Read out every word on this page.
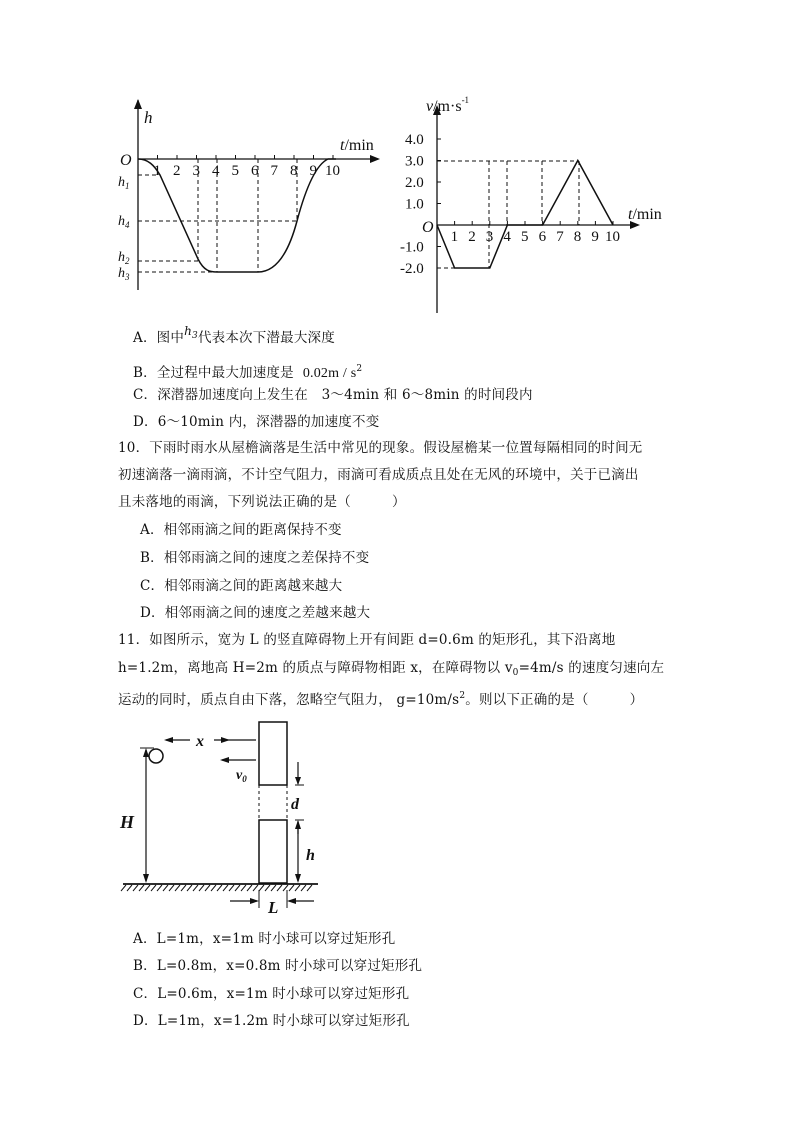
h
t/min
O
1 2 3 4 5 6 7 8 9 10
$h_1$
$h_4$
$h_2$
$h_3$
$v/m\cdot s^{-1}$
t/min
O
4.0
3.0
2.0
1.0
-1.0
-2.0
1 2 3 4 5 6 7 8 9 10
A．图中$h_3$代表本次下潜最大深度
B．全过程中最大加速度是 $0.02m / s^2$
C．深潜器加速度向上发生在　3～4min 和 6～8min 的时间段内
D．6～10min 内，深潜器的加速度不变
10．下雨时雨水从屋檐滴落是生活中常见的现象。假设屋檐某一位置每隔相同的时间无
初速滴落一滴雨滴，不计空气阻力，雨滴可看成质点且处在无风的环境中，关于已滴出
且未落地的雨滴，下列说法正确的是（　　　）
A．相邻雨滴之间的距离保持不变
B．相邻雨滴之间的速度之差保持不变
C．相邻雨滴之间的距离越来越大
D．相邻雨滴之间的速度之差越来越大
11．如图所示，宽为 L 的竖直障碍物上开有间距 d=0.6m 的矩形孔，其下沿离地
h=1.2m，离地高 H=2m 的质点与障碍物相距 x，在障碍物以 $v_0=4m/s$ 的速度匀速向左
运动的同时，质点自由下落，忽略空气阻力， $g=10m/s^2$。则以下正确的是（　　　）
H
x
$v_0$
d
h
L
A．L=1m，x=1m 时小球可以穿过矩形孔
B．L=0.8m，x=0.8m 时小球可以穿过矩形孔
C．L=0.6m，x=1m 时小球可以穿过矩形孔
D．L=1m，x=1.2m 时小球可以穿过矩形孔
